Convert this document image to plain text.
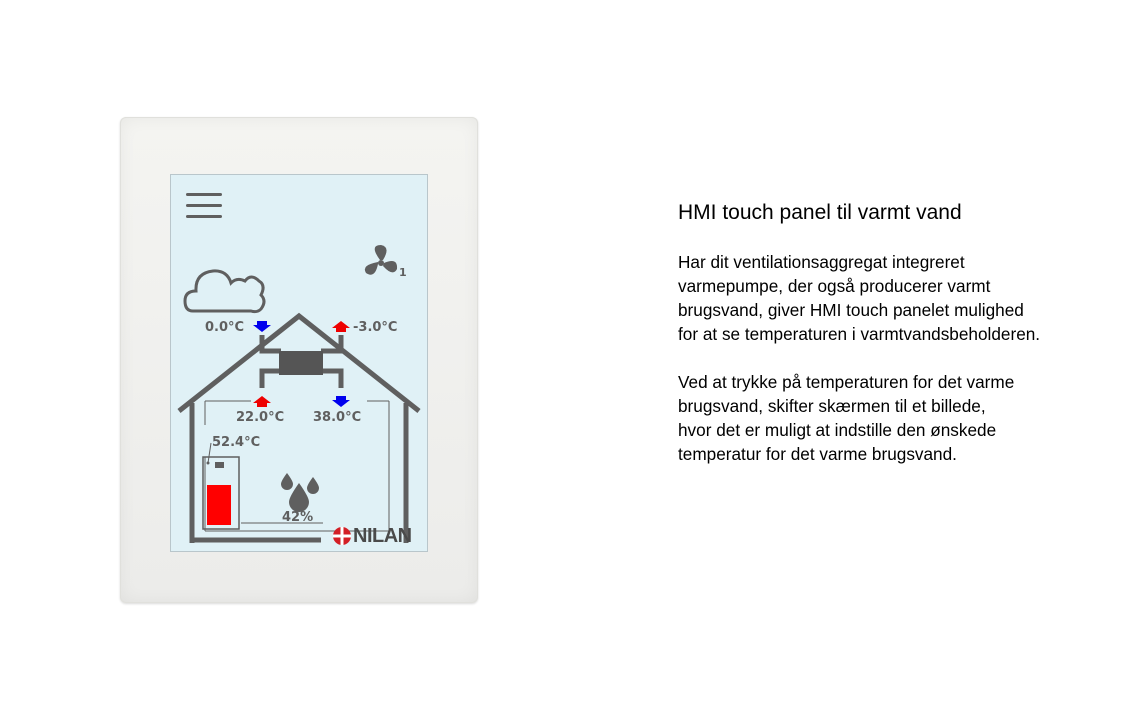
1
0.0°C	-3.0°C
22.0°C 38.0°C
52.4°C
42%
NILAN
HMI touch panel til varmt vand

Har dit ventilationsaggregat integreret
varmepumpe, der også producerer varmt
brugsvand, giver HMI touch panelet mulighed
for at se temperaturen i varmtvandsbeholderen.

Ved at trykke på temperaturen for det varme
brugsvand, skifter skærmen til et billede,
hvor det er muligt at indstille den ønskede
temperatur for det varme brugsvand.
